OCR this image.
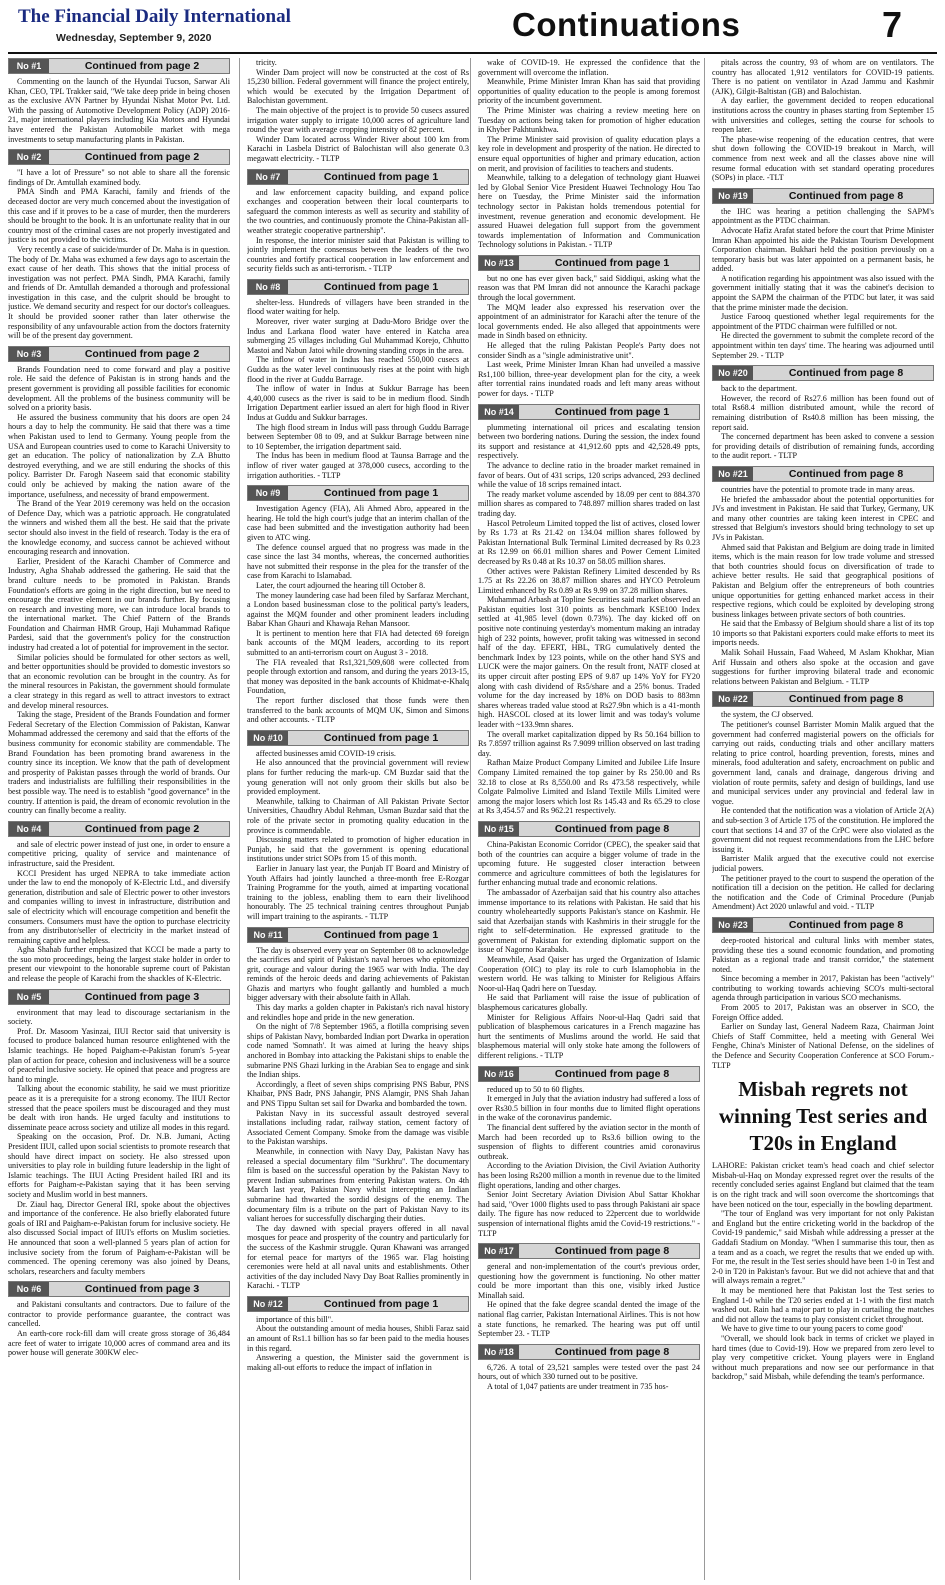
The Financial Daily International
Wednesday, September 9, 2020	Continuations	7
No #1	Continued from page 2

Commenting on the launch of the Hyundai Tucson, Sarwar Ali Khan, CEO, TPL Trakker said, "We take deep pride in being chosen as the exclusive AVN Partner by Hyundai Nishat Motor Pvt. Ltd. With the passing of Automotive Development Policy (ADP) 2016-21, major international players including Kia Motors and Hyundai have entered the Pakistan Automobile market with mega investments to setup manufacturing plants in Pakistan.

No #2	Continued from page 2

"I have a lot of Pressure" so not able to share all the forensic findings of Dr. Amtullah examined body.

PMA Sindh and PMA Karachi, family and friends of the deceased doctor are very much concerned about the investigation of this case and if it proves to be a case of murder, then the murderers should be brought to the book. It is an unfortunate reality that in our country most of the criminal cases are not properly investigated and justice is not provided to the victims.

Very recently a case of suicide/murder of Dr. Maha is in question. The body of Dr. Maha was exhumed a few days ago to ascertain the exact cause of her death. This shows that the initial process of investigation was not perfect. PMA Sindh, PMA Karachi, family and friends of Dr. Amtullah demanded a thorough and professional investigation in this case, and the culprit should be brought to justice. We demand security and respect for our doctor's colleagues. It should be provided sooner rather than later otherwise the responsibility of any unfavourable action from the doctors fraternity will be of the present day government.

No #3	Continued from page 2

Brands Foundation need to come forward and play a positive role. He said the defence of Pakistan is in strong hands and the present government is providing all possible facilities for economic development. All the problems of the business community will be solved on a priority basis.

He assured the business community that his doors are open 24 hours a day to help the community. He said that there was a time when Pakistan used to lend to Germany. Young people from the USA and European countries used to come to Karachi University to get an education. The policy of nationalization by Z.A Bhutto destroyed everything, and we are still enduring the shocks of this policy. Barrister Dr. Farogh Naseem said that economic stability could only be achieved by making the nation aware of the importance, usefulness, and necessity of brand empowerment.

The Brand of the Year 2019 ceremony was held on the occasion of Defence Day, which was a patriotic approach. He congratulated the winners and wished them all the best. He said that the private sector should also invest in the field of research. Today is the era of the knowledge economy, and success cannot be achieved without encouraging research and innovation.

Earlier, President of the Karachi Chamber of Commerce and Industry, Agha Shahab addressed the gathering. He said that the brand culture needs to be promoted in Pakistan. Brands Foundation's efforts are going in the right direction, but we need to encourage the creative element in our brands further. By focusing on research and investing more, we can introduce local brands to the international market. The Chief Pattern of the Brands Foundation and Chairman HMR Group, Haji Muhammad Rafique Pardesi, said that the government's policy for the construction industry had created a lot of potential for improvement in the sector.

Similar policies should be formulated for other sectors as well, and better opportunities should be provided to domestic investors so that an economic revolution can be brought in the country. As for the mineral resources in Pakistan, the government should formulate a clear strategy in this regard as well to attract investors to extract and develop mineral resources.

Taking the stage, President of the Brands Foundation and former Federal Secretary of the Election Commission of Pakistan, Kanwar Mohammad addressed the ceremony and said that the efforts of the business community for economic stability are commendable. The Brand Foundation has been promoting brand awareness in the country since its inception. We know that the path of development and prosperity of Pakistan passes through the world of brands. Our traders and industrialists are fulfilling their responsibilities in the best possible way. The need is to establish "good governance" in the country. If attention is paid, the dream of economic revolution in the country can finally become a reality.

No #4	Continued from page 2

and sale of electric power instead of just one, in order to ensure a competitive pricing, quality of service and maintenance of infrastructure, said the President.

KCCI President has urged NEPRA to take immediate action under the law to end the monopoly of K-Electric Ltd., and diversify generation, distribution and sale of Electric power to other investors and companies willing to invest in infrastructure, distribution and sale of electricity which will encourage competition and benefit the consumers. Consumers must have the option to purchase electricity from any distributor/seller of electricity in the market instead of remaining captive and helpless.

Agha Shahab further emphasized that KCCI be made a party to the suo moto proceedings, being the largest stake holder in order to present our viewpoint to the honorable supreme court of Pakistan and release the people of Karachi from the shackles of K-Electric.

No #5	Continued from page 3

environment that may lead to discourage sectarianism in the society.

Prof. Dr. Masoom Yasinzai, IIUI Rector said that university is focused to produce balanced human resource enlightened with the Islamic teachings. He hoped Paigham-e-Pakistan forum's 5-year plan of action for peace, cohesion and inclusiveness will be a source of peaceful inclusive society. He opined that peace and progress are hand to mingle.

Talking about the economic stability, he said we must prioritize peace as it is a prerequisite for a strong economy. The IIUI Rector stressed that the peace spoilers must be discouraged and they must be dealt with iron hands. He urged faculty and institutions to disseminate peace across society and utilize all modes in this regard.

Speaking on the occasion, Prof. Dr. N.B. Jumani, Acting President IIUI, called upon social scientists to promote research that should have direct impact on society. He also stressed upon universities to play role in building future leadership in the light of Islamic teachings. The IIUI Acting President hailed IRI and its efforts for Paigham-e-Pakistan saying that it has been serving society and Muslim world in best manners.

Dr. Ziaul haq, Director General IRI, spoke about the objectives and importance of the conference. He also briefly elaborated future goals of IRI and Paigham-e-Pakistan forum for inclusive society. He also discussed Social impact of IIUI's efforts on Muslim societies. He announced that soon a well-planned 5 years plan of action for inclusive society from the forum of Paigham-e-Pakistan will be commenced. The opening ceremony was also joined by Deans, scholars, researchers and faculty members

No #6	Continued from page 3

and Pakistani consultants and contractors. Due to failure of the contractor to provide performance guarantee, the contract was cancelled.

An earth-core rock-fill dam will create gross storage of 36,484 acre feet of water to irrigate 10,000 acres of command area and its power house will generate 300KW elec-

tricity.

Winder Dam project will now be constructed at the cost of Rs 15,230 billion. Federal government will finance the project entirely, which would be executed by the Irrigation Department of Balochistan government.

The main objective of the project is to provide 50 cusecs assured irrigation water supply to irrigate 10,000 acres of agriculture land round the year with average cropping intensity of 82 percent.

Winder Dam located across Winder River about 100 km from Karachi in Lasbela District of Balochistan will also generate 0.3 megawatt electricity. - TLTP

No #7	Continued from page 1

and law enforcement capacity building, and expand police exchanges and cooperation between their local counterparts to safeguard the common interests as well as security and stability of the two countries, and continuously promote the China-Pakistan all-weather strategic cooperative partnership".

In response, the interior minister said that Pakistan is willing to jointly implement the consensus between the leaders of the two countries and fortify practical cooperation in law enforcement and security fields such as anti-terrorism. - TLTP

No #8	Continued from page 1

shelter-less. Hundreds of villagers have been stranded in the flood water waiting for help.

Moreover, river water surging at Dadu-Moro Bridge over the Indus and Larkana flood water have entered in Katcha area submerging 25 villages including Gul Muhammad Korejo, Chhutto Mastoi and Nabun Jatoi while drowning standing crops in the area.

The inflow of water in Indus has reached 550,000 cusecs at Guddu as the water level continuously rises at the point with high flood in the river at Guddu Barrage.

The inflow of water in Indus at Sukkur Barrage has been 4,40,000 cusecs as the river is said to be in medium flood. Sindh Irrigation Department earlier issued an alert for high flood in River Indus at Guddu and Sukkur barrages.

The high flood stream in Indus will pass through Guddu Barrage between September 08 to 09, and at Sukkur Barrage between nine to 10 September, the irrigation department said.

The Indus has been in medium flood at Taunsa Barrage and the inflow of river water gauged at 378,000 cusecs, according to the irrigation authorities. - TLTP

No #9	Continued from page 1

Investigation Agency (FIA), Ali Ahmed Abro, appeared in the hearing. He told the high court's judge that an interim challan of the case had been submitted and the investigation authority had been given to ATC wing.

The defence counsel argued that no progress was made in the case since the last 34 months, whereas, the concerned authorities have not submitted their response in the plea for the transfer of the case from Karachi to Islamabad.

Later, the court adjourned the hearing till October 8.

The money laundering case had been filed by Sarfaraz Merchant, a London based businessman close to the political party's leaders, against the MQM founder and other prominent leaders including Babar Khan Ghauri and Khawaja Rehan Mansoor.

It is pertinent to mention here that FIA had detected 69 foreign bank accounts of the MQM leaders, according to its report submitted to an anti-terrorism court on August 3 - 2018.

The FIA revealed that Rs1,321,509,608 were collected from people through extortion and ransom, and during the years 2013-15, that money was deposited in the bank accounts of Khidmat-e-Khalq Foundation,

The report further disclosed that those funds were then transferred to the bank accounts of MQM UK, Simon and Simons and other accounts. - TLTP

No #10	Continued from page 1

affected businesses amid COVID-19 crisis.

He also announced that the provincial government will review plans for further reducing the mark-up. CM Buzdar said that the young generation will not only groom their skills but also be provided employment.

Meanwhile, talking to Chairman of All Pakistan Private Sector Universities, Chaudhry Abdul Rehman, Usman Buzdar said that the role of the private sector in promoting quality education in the province is commendable.

Discussing matters related to promotion of higher education in Punjab, he said that the government is opening educational institutions under strict SOPs from 15 of this month.

Earlier in January last year, the Punjab IT Board and Ministry of Youth Affairs had jointly launched a three-month free E-Rozgar Training Programme for the youth, aimed at imparting vocational training to the jobless, enabling them to earn their livelihood honourably. The 25 technical training centres throughout Punjab will impart training to the aspirants. - TLTP

No #11	Continued from page 1

The day is observed every year on September 08 to acknowledge the sacrifices and spirit of Pakistan's naval heroes who epitomized grit, courage and valour during the 1965 war with India. The day reminds of the heroic deeds and daring achievements of Pakistan Ghazis and martyrs who fought gallantly and humbled a much bigger adversary with their absolute faith in Allah.

This day marks a golden chapter in Pakistan's rich naval history and rekindles hope and pride in the new generation.

On the night of 7/8 September 1965, a flotilla comprising seven ships of Pakistan Navy, bombarded Indian port Dwarka in operation code named 'Somnath'. It was aimed at luring the heavy ships anchored in Bombay into attacking the Pakistani ships to enable the submarine PNS Ghazi lurking in the Arabian Sea to engage and sink the Indian ships.

Accordingly, a fleet of seven ships comprising PNS Babur, PNS Khaibar, PNS Badr, PNS Jahangir, PNS Alamgir, PNS Shah Jahan and PNS Tippu Sultan set sail for Dwarka and bombarded the town.

Pakistan Navy in its successful assault destroyed several installations including radar, railway station, cement factory of Associated Cement Company. Smoke from the damage was visible to the Pakistan warships.

Meanwhile, in connection with Navy Day, Pakistan Navy has released a special documentary film "Surkhru". The documentary film is based on the successful operation by the Pakistan Navy to prevent Indian submarines from entering Pakistan waters. On 4th March last year, Pakistan Navy whilst intercepting an Indian submarine had thwarted the sordid designs of the enemy. The documentary film is a tribute on the part of Pakistan Navy to its valiant heroes for successfully discharging their duties.

The day dawned with special prayers offered in all naval mosques for peace and prosperity of the country and particularly for the success of the Kashmir struggle. Quran Khawani was arranged for eternal peace for martyrs of the 1965 war. Flag hoisting ceremonies were held at all naval units and establishments. Other activities of the day included Navy Day Boat Rallies prominently in Karachi. - TLTP

No #12	Continued from page 1

importance of this bill".

About the outstanding amount of media houses, Shibli Faraz said an amount of Rs1.1 billion has so far been paid to the media houses in this regard.

Answering a question, the Minister said the government is making all-out efforts to reduce the impact of inflation in

wake of COVID-19. He expressed the confidence that the government will overcome the inflation.

Meanwhile, Prime Minister Imran Khan has said that providing opportunities of quality education to the people is among foremost priority of the incumbent government.

The Prime Minister was chairing a review meeting here on Tuesday on actions being taken for promotion of higher education in Khyber Pakhtunkhwa.

The Prime Minister said provision of quality education plays a key role in development and prosperity of the nation. He directed to ensure equal opportunities of higher and primary education, action on merit, and provision of facilities to teachers and students.

Meanwhile, talking to a delegation of technology giant Huawei led by Global Senior Vice President Huawei Technology Hou Tao here on Tuesday, the Prime Minister said the information technology sector in Pakistan holds tremendous potential for investment, revenue generation and economic development. He assured Huawei delegation full support from the government towards implementation of Information and Communication Technology solutions in Pakistan. - TLTP

No #13	Continued from page 1

but no one has ever given back," said Siddiqui, asking what the reason was that PM Imran did not announce the Karachi package through the local government.

The MQM leader also expressed his reservation over the appointment of an administrator for Karachi after the tenure of the local governments ended. He also alleged that appointments were made in Sindh based on ethnicity.

He alleged that the ruling Pakistan People's Party does not consider Sindh as a "single administrative unit".

Last week, Prime Minister Imran Khan had unveiled a massive Rs1,100 billion, three-year development plan for the city, a week after torrential rains inundated roads and left many areas without power for days. - TLTP

No #14	Continued from page 1

plummeting international oil prices and escalating tension between two bordering nations. During the session, the index found its support and resistance at 41,912.60 ppts and 42,528.49 ppts, respectively.

The advance to decline ratio in the broader market remained in favor of bears. Out of 431 scrips, 120 scrips advanced, 293 declined while the value of 18 scrips remained intact.

The ready market volume ascended by 18.09 per cent to 884.370 million shares as compared to 748.897 million shares traded on last trading day.

Hascol Petroleum Limited topped the list of actives, closed lower by Rs 1.73 at Rs 21.42 on 134.04 million shares followed by Pakistan International Bulk Terminal Limited decreased by Rs 0.23 at Rs 12.99 on 66.01 million shares and Power Cement Limited decreased by Rs 0.48 at Rs 10.37 on 58.05 million shares.

Other actives were Pakistan Refinery Limited descended by Rs 1.75 at Rs 22.26 on 38.87 million shares and HYCO Petroleum Limited enhanced by Rs 0.89 at Rs 9.99 on 37.28 million shares.

Muhammad Arbash at Topline Securities said market observed an Pakistan equities lost 310 points as benchmark KSE100 Index settled at 41,985 level (down 0.73%). The day kicked off on positive note continuing yesterday's momentum making an intraday high of 232 points, however, profit taking was witnessed in second half of the day. EFERT, HBL, TRG cumulatively dented the benchmark Index by 123 points, while on the other hand SYS and LUCK were the major gainers. On the result front, NATF closed at its upper circuit after posting EPS of 9.87 up 14% YoY for FY20 along with cash dividend of Rs5/share and a 25% bonus. Traded volume for the day increased by 18% on DOD basis to 883mn shares whereas traded value stood at Rs27.9bn which is a 41-month high. HASCOL closed at its lower limit and was today's volume leader with ~133.9mn shares.

The overall market capitalization dipped by Rs 50.164 billion to Rs 7.8597 trillion against Rs 7.9099 trillion observed on last trading day.

Rafhan Maize Product Company Limited and Jubilee Life Insure Company Limited remained the top gainer by Rs 250.00 and Rs 32.18 to close at Rs 8,550.00 and Rs 473.58 respectively, while Colgate Palmolive Limited and Island Textile Mills Limited were among the major losers which lost Rs 145.43 and Rs 65.29 to close at Rs 3,454.57 and Rs 962.21 respectively.

No #15	Continued from page 8

China-Pakistan Economic Corridor (CPEC), the speaker said that both of the countries can acquire a bigger volume of trade in the upcoming future. He suggested closer interaction between commerce and agriculture committees of both the legislatures for further enhancing mutual trade and economic relations.

The ambassador of Azerbaijan said that his country also attaches immense importance to its relations with Pakistan. He said that his country wholeheartedly supports Pakistan's stance on Kashmir. He said that Azerbaijan stands with Kashmiris in their struggle for the right to self-determination. He expressed gratitude to the government of Pakistan for extending diplomatic support on the issue of Nagorno Karabakh.

Meanwhile, Asad Qaiser has urged the Organization of Islamic Cooperation (OIC) to play its role to curb Islamophobia in the western world. He was talking to Minister for Religious Affairs Noor-ul-Haq Qadri here on Tuesday.

He said that Parliament will raise the issue of publication of blasphemous caricatures globally.

Minister for Religious Affairs Noor-ul-Haq Qadri said that publication of blasphemous caricatures in a French magazine has hurt the sentiments of Muslims around the world. He said that blasphemous material will only stoke hate among the followers of different religions. - TLTP

No #16	Continued from page 8

reduced up to 50 to 60 flights.

It emerged in July that the aviation industry had suffered a loss of over Rs30.5 billion in four months due to limited flight operations in the wake of the coronavirus pandemic.

The financial dent suffered by the aviation sector in the month of March had been recorded up to Rs3.6 billion owing to the suspension of flights to different countries amid coronavirus outbreak.

According to the Aviation Division, the Civil Aviation Authority has been losing Rs200 million a month in revenue due to the limited flight operations, landing and other charges.

Senior Joint Secretary Aviation Division Abul Sattar Khokhar had said, "Over 1000 flights used to pass through Pakistani air space daily. The figure has now reduced to 22percent due to worldwide suspension of international flights amid the Covid-19 restrictions." - TLTP

No #17	Continued from page 8

general and non-implementation of the court's previous order, questioning how the government is functioning. No other matter could be more important than this one, visibly irked Justice Minallah said.

He opined that the fake degree scandal dented the image of the national flag carrier, Pakistan International Airlines. This is not how a state functions, he remarked. The hearing was put off until September 23. - TLTP

No #18	Continued from page 8

6,726. A total of 23,521 samples were tested over the past 24 hours, out of which 330 turned out to be positive.

A total of 1,047 patients are under treatment in 735 hos-

pitals across the country, 93 of whom are on ventilators. The country has allocated 1,912 ventilators for COVID-19 patients. There is no patient on ventilator in Azad Jammu and Kashmir (AJK), Gilgit-Baltistan (GB) and Balochistan.

A day earlier, the government decided to reopen educational institutions across the country in phases starting from September 15 with universities and colleges, setting the course for schools to reopen later.

The phase-wise reopening of the education centres, that were shut down following the COVID-19 breakout in March, will commence from next week and all the classes above nine will resume formal education with set standard operating procedures (SOPs) in place. -TLT

No #19	Continued from page 8

the IHC was hearing a petition challenging the SAPM's appointment as the PTDC chairman.

Advocate Hafiz Arafat stated before the court that Prime Minister Imran Khan appointed his aide the Pakistan Tourism Development Corporation chairman. Bukhari held the position previously on a temporary basis but was later appointed on a permanent basis, he added.

A notification regarding his appointment was also issued with the government initially stating that it was the cabinet's decision to appoint the SAPM the chairman of the PTDC but later, it was said that the prime minister made the decision.

Justice Farooq questioned whether legal requirements for the appointment of the PTDC chairman were fulfilled or not.

He directed the government to submit the complete record of the appointment within ten days' time. The hearing was adjourned until September 29. - TLTP

No #20	Continued from page 8

back to the department.

However, the record of Rs27.6 million has been found out of total Rs68.4 million distributed amount, while the record of remaining distribution of Rs40.8 million has been missing, the report said.

The concerned department has been asked to convene a session for providing details of distribution of remaining funds, according to the audit report. - TLTP

No #21	Continued from page 8

countries have the potential to promote trade in many areas.

He briefed the ambassador about the potential opportunities for JVs and investment in Pakistan. He said that Turkey, Germany, UK and many other countries are taking keen interest in CPEC and stressed that Belgium's investors should bring technology to set up JVs in Pakistan.

Ahmed said that Pakistan and Belgium are doing trade in limited items, which is the main reason for low trade volume and stressed that both countries should focus on diversification of trade to achieve better results. He said that geographical positions of Pakistan and Belgium offer the entrepreneurs of both countries unique opportunities for getting enhanced market access in their respective regions, which could be exploited by developing strong business linkages between private sectors of both countries.

He said that the Embassy of Belgium should share a list of its top 10 imports so that Pakistani exporters could make efforts to meet its imports needs.

Malik Sohail Hussain, Faad Waheed, M Aslam Khokhar, Mian Arif Hussain and others also spoke at the occasion and gave suggestions for further improving bilateral trade and economic relations between Pakistan and Belgium. - TLTP

No #22	Continued from page 8

the system, the CJ observed.

The petitioner's counsel Barrister Momin Malik argued that the government had conferred magisterial powers on the officials for carrying out raids, conducting trials and other ancillary matters relating to price control, hoarding prevention, forests, mines and minerals, food adulteration and safety, encroachment on public and government land, canals and drainage, dangerous driving and violation of route permits, safety and design of buildings, land use and municipal services under any provincial and federal law in vogue.

He contended that the notification was a violation of Article 2(A) and sub-section 3 of Article 175 of the constitution. He implored the court that sections 14 and 37 of the CrPC were also violated as the government did not request recommendations from the LHC before issuing it.

Barrister Malik argued that the executive could not exercise judicial powers.

The petitioner prayed to the court to suspend the operation of the notification till a decision on the petition. He called for declaring the notification and the Code of Criminal Procedure (Punjab Amendment) Act 2020 unlawful and void. - TLTP

No #23	Continued from page 8

deep-rooted historical and cultural links with member states, providing these ties a sound economic foundation, and promoting Pakistan as a regional trade and transit corridor," the statement noted.

Since becoming a member in 2017, Pakistan has been "actively" contributing to working towards achieving SCO's multi-sectoral agenda through participation in various SCO mechanisms.

From 2005 to 2017, Pakistan was an observer in SCO, the Foreign Office added.

Earlier on Sunday last, General Nadeem Raza, Chairman Joint Chiefs of Staff Committee, held a meeting with General Wei Fenghe, China's Minister of National Defense, on the sidelines of the Defence and Security Cooperation Conference at SCO Forum.- TLTP

Misbah regrets not winning Test series and T20s in England

LAHORE: Pakistan cricket team's head coach and chief selector Misbah-ul-Haq on Monday expressed regret over the results of the recently concluded series against England but claimed that the team is on the right track and will soon overcome the shortcomings that have been noticed on the tour, especially in the bowling department.

"The tour of England was very important for not only Pakistan and England but the entire cricketing world in the backdrop of the Covid-19 pandemic," said Misbah while addressing a presser at the Gaddafi Stadium on Monday. "When I summarise this tour, then as a team and as a coach, we regret the results that we ended up with. For me, the result in the Test series should have been 1-0 in Test and 2-0 in T20 in Pakistan's favour. But we did not achieve that and that will always remain a regret."

It may be mentioned here that Pakistan lost the Test series to England 1-0 while the T20 series ended at 1-1 with the first match washed out. Rain had a major part to play in curtailing the matches and did not allow the teams to play consistent cricket throughout.

We have to give time to our young pacers to come good'

"Overall, we should look back in terms of cricket we played in hard times (due to Covid-19). How we prepared from zero level to play very competitive cricket. Young players were in England without much preparations and now see our performance in that backdrop," said Misbah, while defending the team's performance.
